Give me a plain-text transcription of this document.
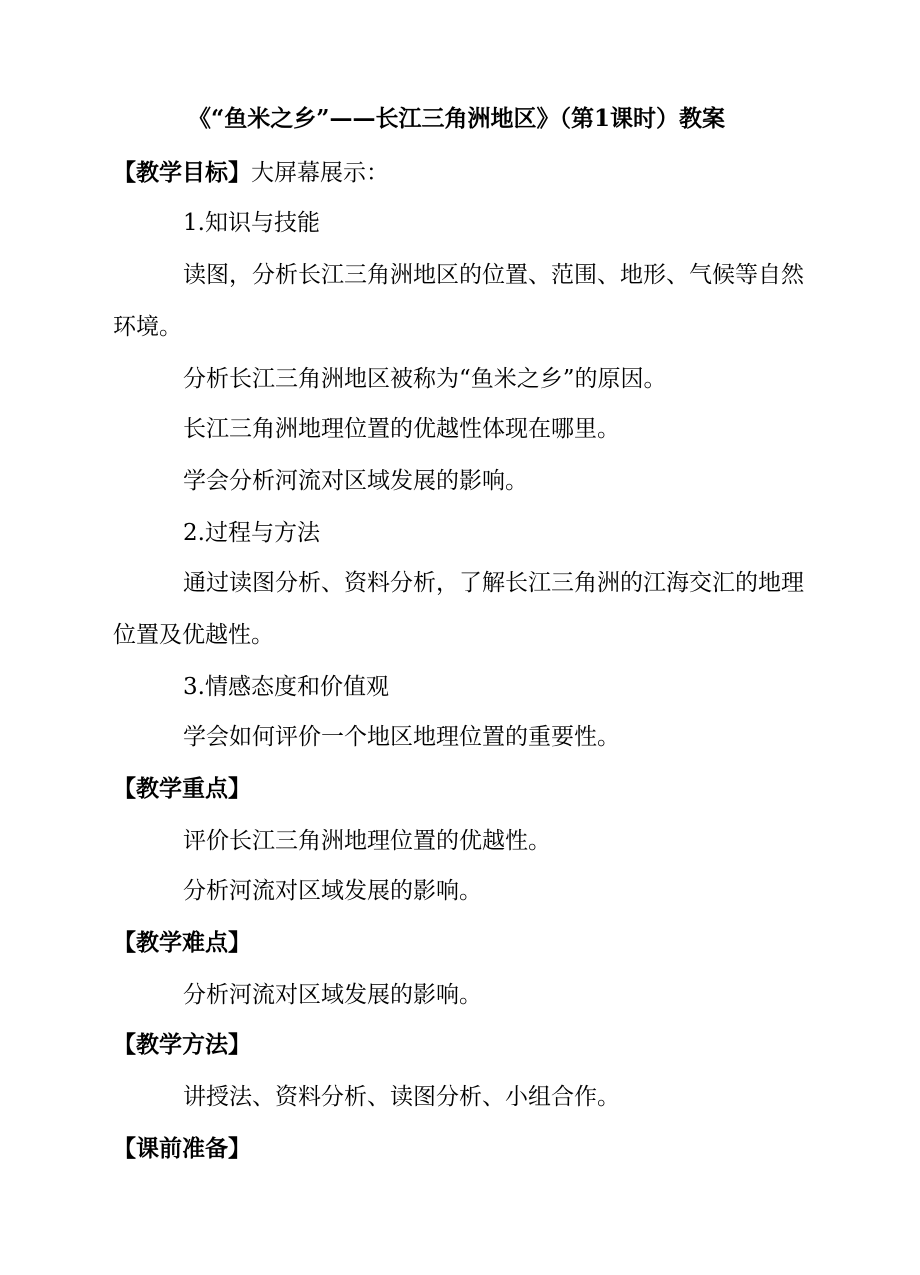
《“鱼米之乡”——长江三角洲地区》（第1课时）教案
【教学目标】大屏幕展示：
1.知识与技能
读图，分析长江三角洲地区的位置、范围、地形、气候等自然
环境。
分析长江三角洲地区被称为“鱼米之乡”的原因。
长江三角洲地理位置的优越性体现在哪里。
学会分析河流对区域发展的影响。
2.过程与方法
通过读图分析、资料分析，了解长江三角洲的江海交汇的地理
位置及优越性。
3.情感态度和价值观
学会如何评价一个地区地理位置的重要性。
【教学重点】
评价长江三角洲地理位置的优越性。
分析河流对区域发展的影响。
【教学难点】
分析河流对区域发展的影响。
【教学方法】
讲授法、资料分析、读图分析、小组合作。
【课前准备】
